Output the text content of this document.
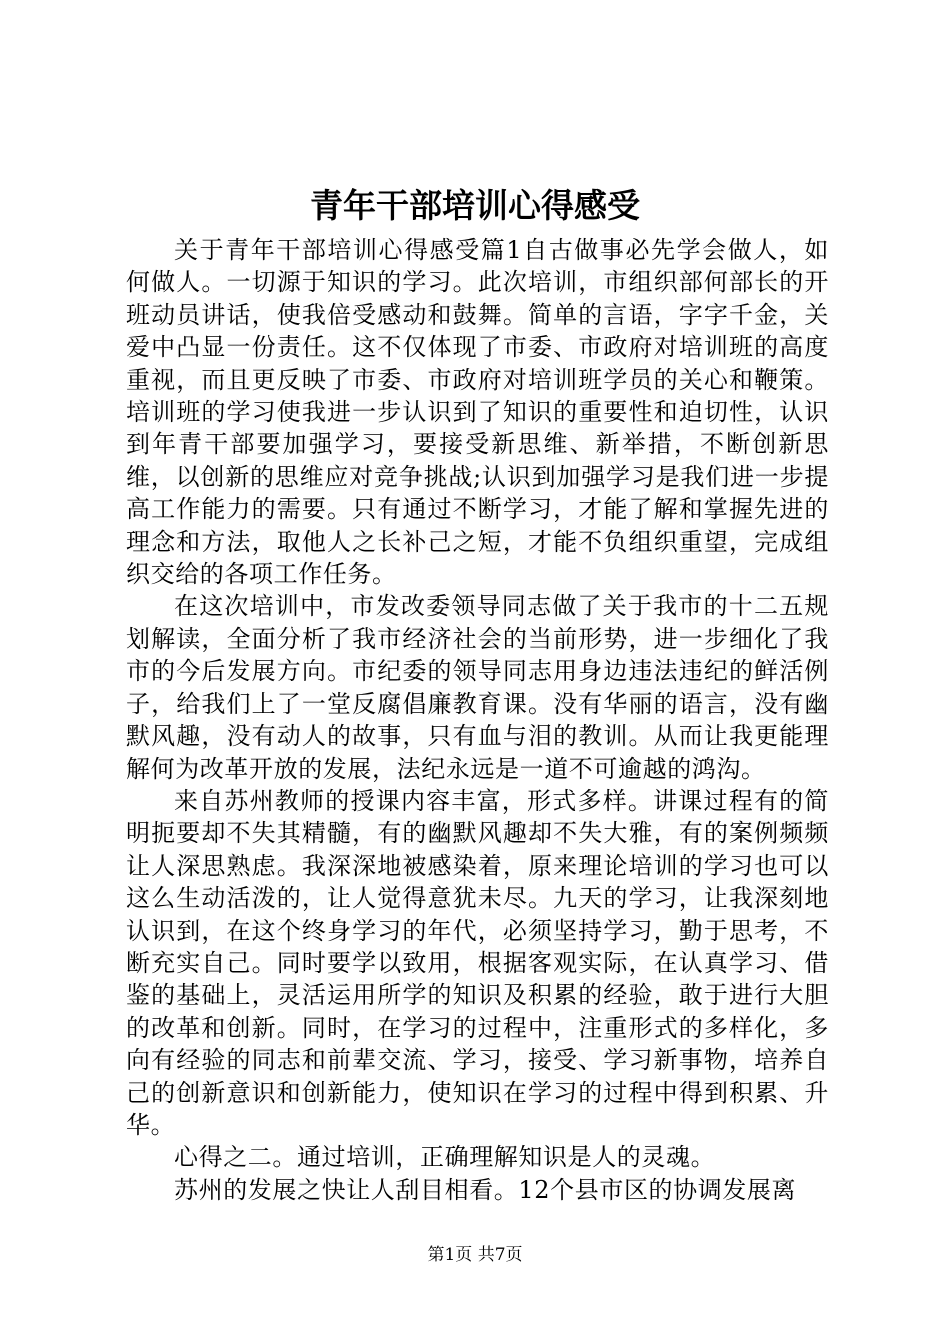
青年干部培训心得感受

关于青年干部培训心得感受篇1自古做事必先学会做人，如何做人。一切源于知识的学习。此次培训，市组织部何部长的开班动员讲话，使我倍受感动和鼓舞。简单的言语，字字千金，关爱中凸显一份责任。这不仅体现了市委、市政府对培训班的高度重视，而且更反映了市委、市政府对培训班学员的关心和鞭策。培训班的学习使我进一步认识到了知识的重要性和迫切性，认识到年青干部要加强学习，要接受新思维、新举措，不断创新思维，以创新的思维应对竞争挑战;认识到加强学习是我们进一步提高工作能力的需要。只有通过不断学习，才能了解和掌握先进的理念和方法，取他人之长补己之短，才能不负组织重望，完成组织交给的各项工作任务。

在这次培训中，市发改委领导同志做了关于我市的十二五规划解读，全面分析了我市经济社会的当前形势，进一步细化了我市的今后发展方向。市纪委的领导同志用身边违法违纪的鲜活例子，给我们上了一堂反腐倡廉教育课。没有华丽的语言，没有幽默风趣，没有动人的故事，只有血与泪的教训。从而让我更能理解何为改革开放的发展，法纪永远是一道不可逾越的鸿沟。

来自苏州教师的授课内容丰富，形式多样。讲课过程有的简明扼要却不失其精髓，有的幽默风趣却不失大雅，有的案例频频让人深思熟虑。我深深地被感染着，原来理论培训的学习也可以这么生动活泼的，让人觉得意犹未尽。九天的学习，让我深刻地认识到，在这个终身学习的年代，必须坚持学习，勤于思考，不断充实自己。同时要学以致用，根据客观实际，在认真学习、借鉴的基础上，灵活运用所学的知识及积累的经验，敢于进行大胆的改革和创新。同时，在学习的过程中，注重形式的多样化，多向有经验的同志和前辈交流、学习，接受、学习新事物，培养自己的创新意识和创新能力，使知识在学习的过程中得到积累、升华。

心得之二。通过培训，正确理解知识是人的灵魂。

苏州的发展之快让人刮目相看。12个县市区的协调发展离

第1页 共7页
